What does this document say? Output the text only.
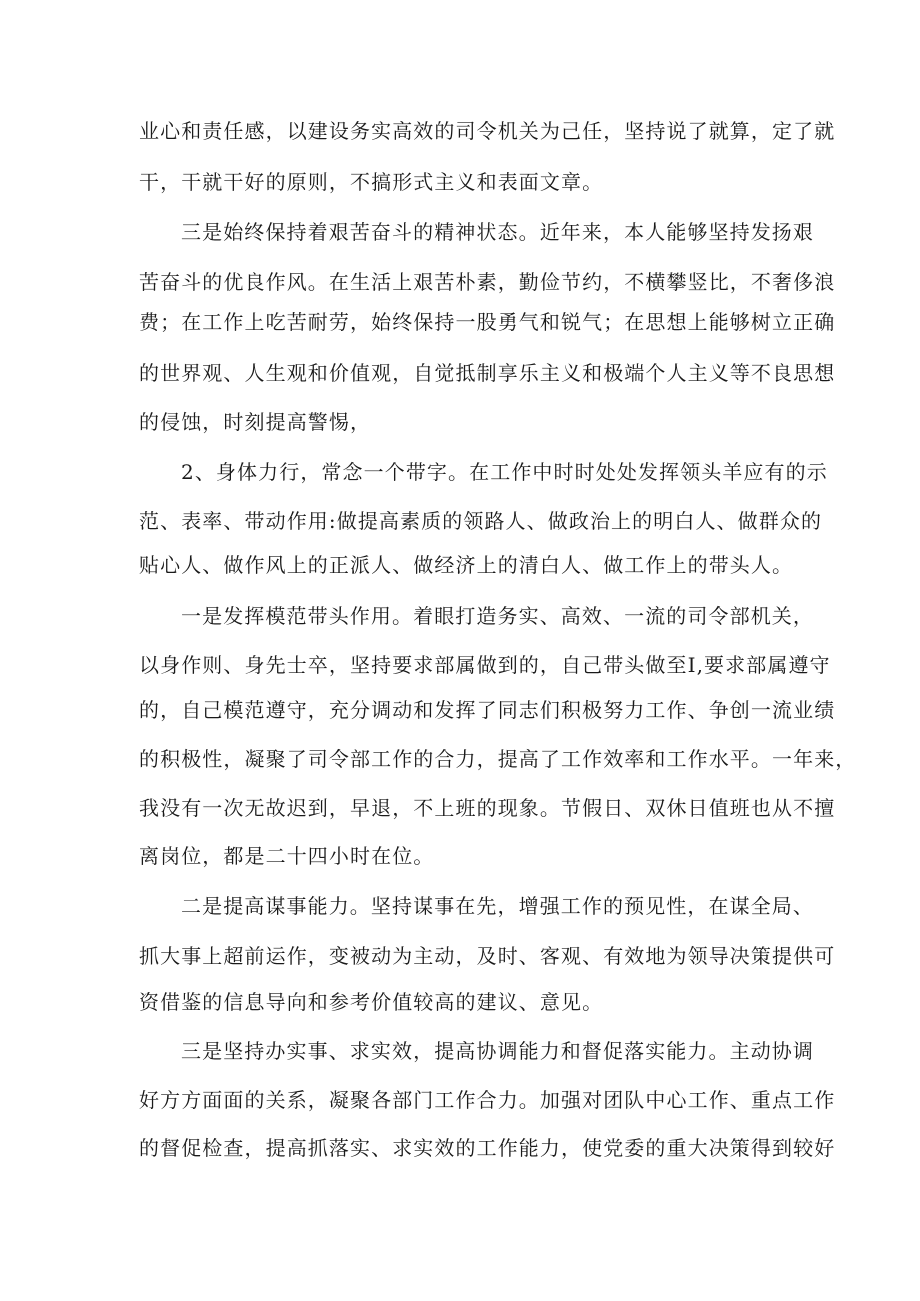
业心和责任感，以建设务实高效的司令机关为己任，坚持说了就算，定了就
干，干就干好的原则，不搞形式主义和表面文章。
三是始终保持着艰苦奋斗的精神状态。近年来，本人能够坚持发扬艰
苦奋斗的优良作风。在生活上艰苦朴素，勤俭节约，不横攀竖比，不奢侈浪
费；在工作上吃苦耐劳，始终保持一股勇气和锐气；在思想上能够树立正确
的世界观、人生观和价值观，自觉抵制享乐主义和极端个人主义等不良思想
的侵蚀，时刻提高警惕，
2、身体力行，常念一个带字。在工作中时时处处发挥领头羊应有的示
范、表率、带动作用:做提高素质的领路人、做政治上的明白人、做群众的
贴心人、做作风上的正派人、做经济上的清白人、做工作上的带头人。
一是发挥模范带头作用。着眼打造务实、高效、一流的司令部机关，
以身作则、身先士卒，坚持要求部属做到的，自己带头做至I,要求部属遵守
的，自己模范遵守，充分调动和发挥了同志们积极努力工作、争创一流业绩
的积极性，凝聚了司令部工作的合力，提高了工作效率和工作水平。一年来，
我没有一次无故迟到，早退，不上班的现象。节假日、双休日值班也从不擅
离岗位，都是二十四小时在位。
二是提高谋事能力。坚持谋事在先，增强工作的预见性，在谋全局、
抓大事上超前运作，变被动为主动，及时、客观、有效地为领导决策提供可
资借鉴的信息导向和参考价值较高的建议、意见。
三是坚持办实事、求实效，提高协调能力和督促落实能力。主动协调
好方方面面的关系，凝聚各部门工作合力。加强对团队中心工作、重点工作
的督促检查，提高抓落实、求实效的工作能力，使党委的重大决策得到较好
